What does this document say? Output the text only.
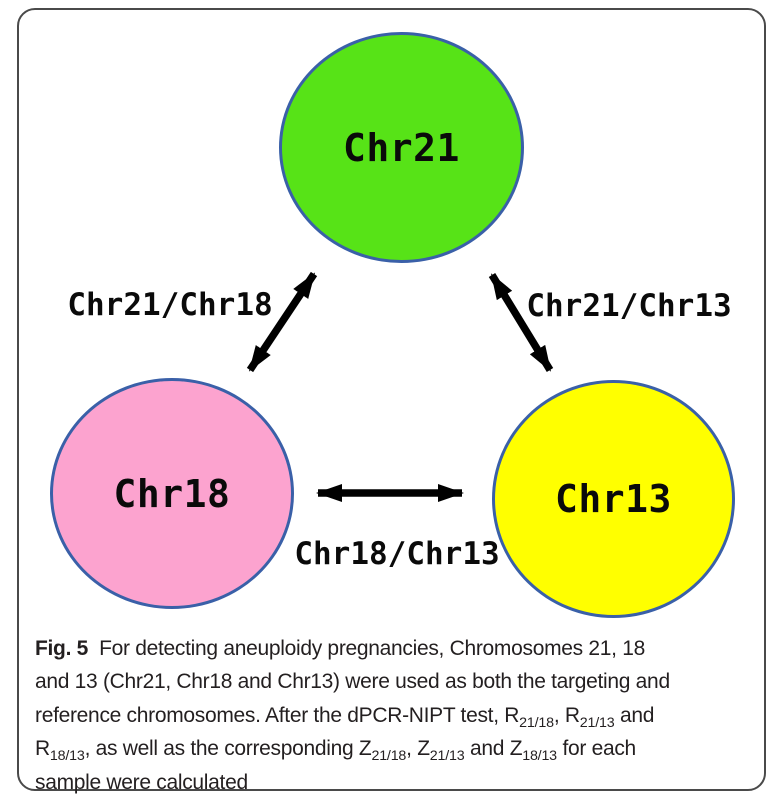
Chr21
Chr18	Chr13
Chr21/Chr18	Chr21/Chr13
Chr18/Chr13
Fig. 5  For detecting aneuploidy pregnancies, Chromosomes 21, 18
and 13 (Chr21, Chr18 and Chr13) were used as both the targeting and
reference chromosomes. After the dPCR-NIPT test, $R_{21/18}$, $R_{21/13}$ and
$R_{18/13}$, as well as the corresponding $Z_{21/18}$, $Z_{21/13}$ and $Z_{18/13}$ for each
sample were calculated
